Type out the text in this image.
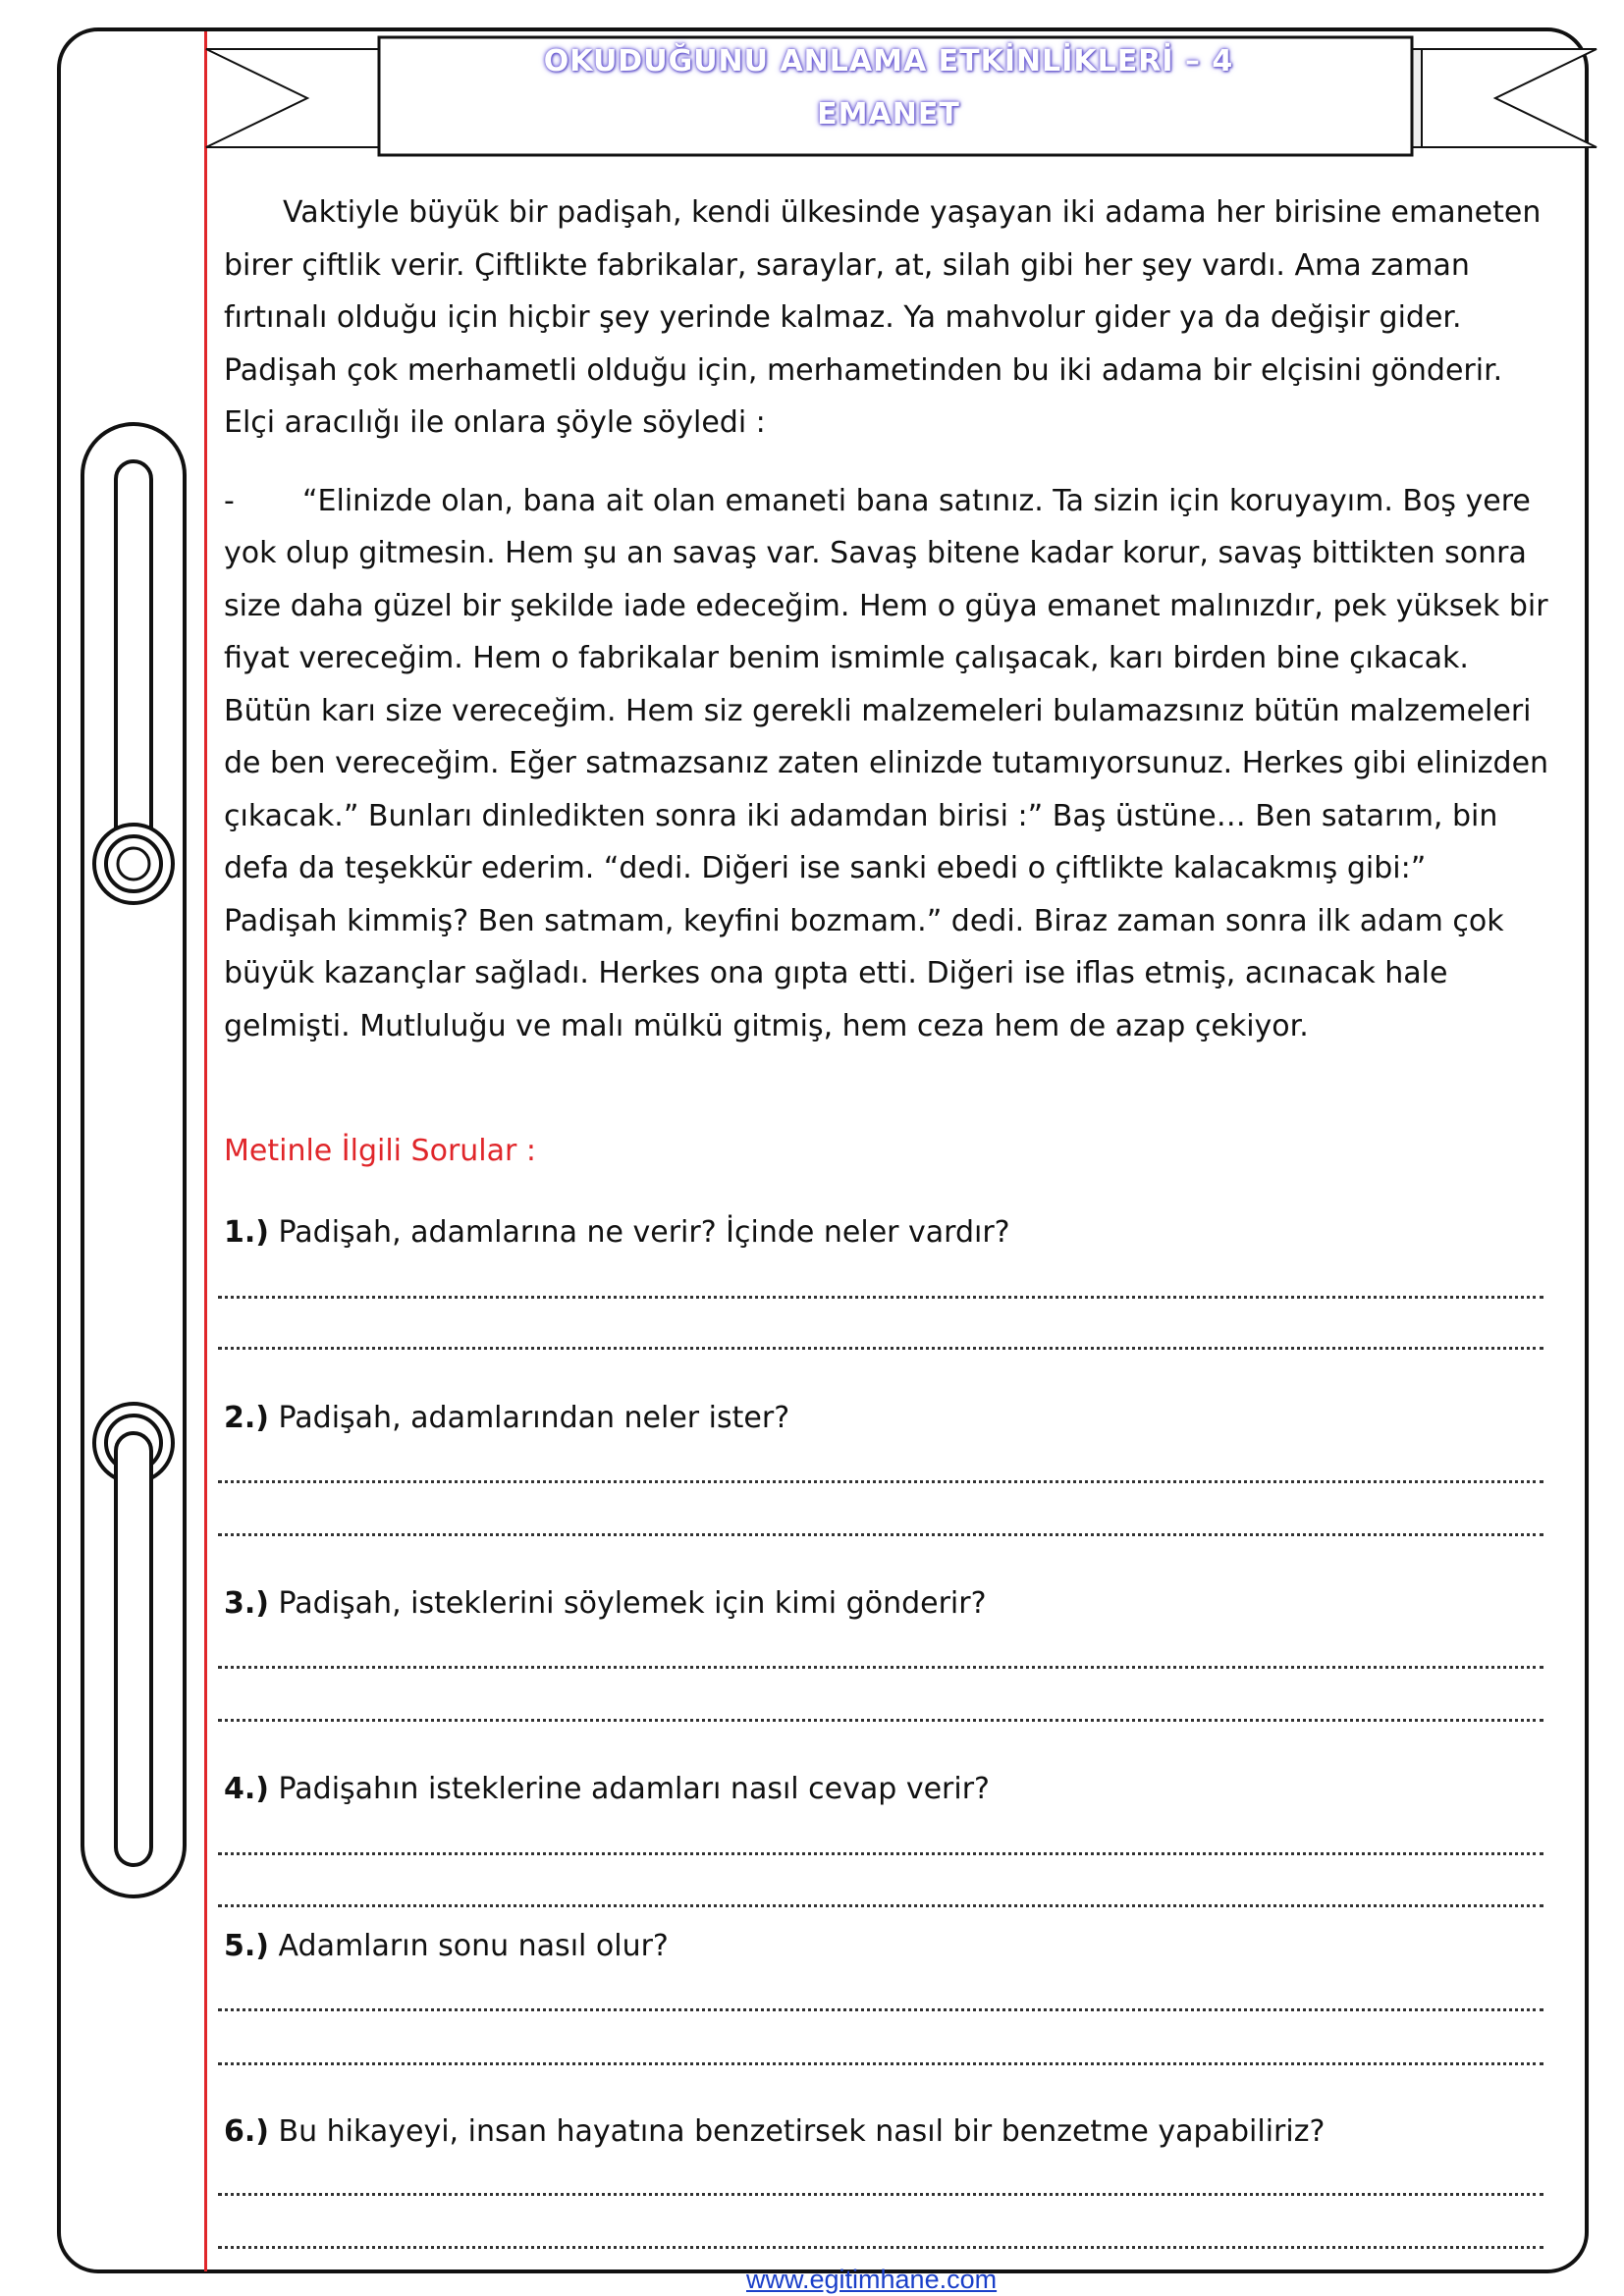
OKUDUĞUNU ANLAMA ETKİNLİKLERİ – 4
EMANET
Vaktiyle büyük bir padişah, kendi ülkesinde yaşayan iki adama her birisine emaneten
birer çiftlik verir. Çiftlikte fabrikalar, saraylar, at, silah gibi her şey vardı. Ama zaman
fırtınalı olduğu için hiçbir şey yerinde kalmaz. Ya mahvolur gider ya da değişir gider.
Padişah çok merhametli olduğu için, merhametinden bu iki adama bir elçisini gönderir.
Elçi aracılığı ile onlara şöyle söyledi :
- “Elinizde olan, bana ait olan emaneti bana satınız. Ta sizin için koruyayım. Boş yere
yok olup gitmesin. Hem şu an savaş var. Savaş bitene kadar korur, savaş bittikten sonra
size daha güzel bir şekilde iade edeceğim. Hem o güya emanet malınızdır, pek yüksek bir
fiyat vereceğim. Hem o fabrikalar benim ismimle çalışacak, karı birden bine çıkacak.
Bütün karı size vereceğim. Hem siz gerekli malzemeleri bulamazsınız bütün malzemeleri
de ben vereceğim. Eğer satmazsanız zaten elinizde tutamıyorsunuz. Herkes gibi elinizden
çıkacak.” Bunları dinledikten sonra iki adamdan birisi :” Baş üstüne… Ben satarım, bin
defa da teşekkür ederim. “dedi. Diğeri ise sanki ebedi o çiftlikte kalacakmış gibi:”
Padişah kimmiş? Ben satmam, keyfini bozmam.” dedi. Biraz zaman sonra ilk adam çok
büyük kazançlar sağladı. Herkes ona gıpta etti. Diğeri ise iflas etmiş, acınacak hale
gelmişti. Mutluluğu ve malı mülkü gitmiş, hem ceza hem de azap çekiyor.
Metinle İlgili Sorular :
1.) Padişah, adamlarına ne verir? İçinde neler vardır?
2.) Padişah, adamlarından neler ister?
3.) Padişah, isteklerini söylemek için kimi gönderir?
4.) Padişahın isteklerine adamları nasıl cevap verir?
5.) Adamların sonu nasıl olur?
6.) Bu hikayeyi, insan hayatına benzetirsek nasıl bir benzetme yapabiliriz?
www.egitimhane.com
